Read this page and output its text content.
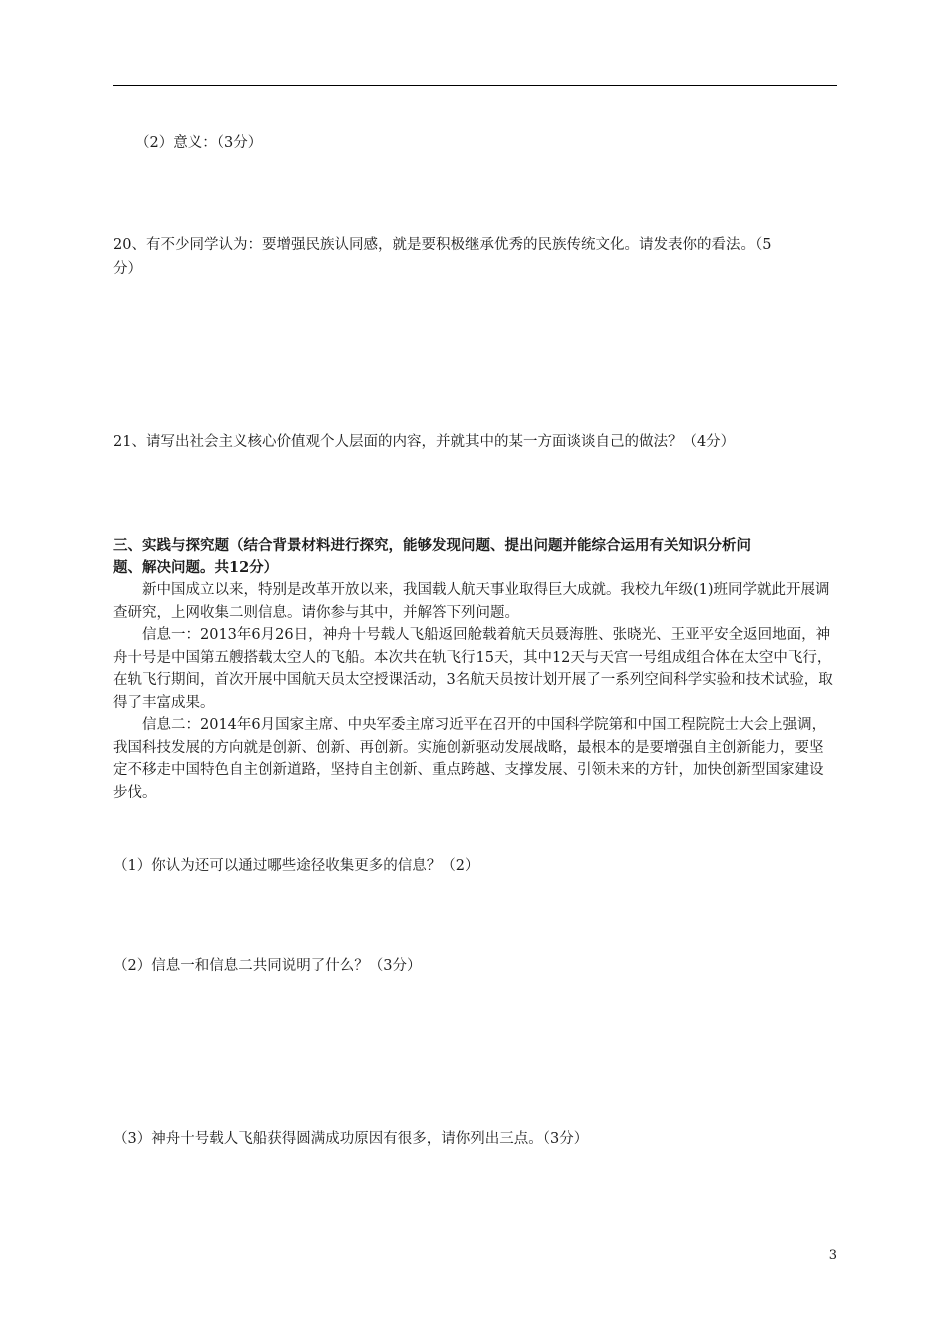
（2）意义：（3分）
20、有不少同学认为：要增强民族认同感，就是要积极继承优秀的民族传统文化。请发表你的看法。（5
分）
21、请写出社会主义核心价值观个人层面的内容，并就其中的某一方面谈谈自己的做法？（4分）
三、实践与探究题（结合背景材料进行探究，能够发现问题、提出问题并能综合运用有关知识分析问
题、解决问题。共12分）

新中国成立以来，特别是改革开放以来，我国载人航天事业取得巨大成就。我校九年级(1)班同学就此开展调查研究，上网收集二则信息。请你参与其中，并解答下列问题。

信息一：2013年6月26日，神舟十号载人飞船返回舱载着航天员聂海胜、张晓光、王亚平安全返回地面，神舟十号是中国第五艘搭载太空人的飞船。本次共在轨飞行15天，其中12天与天宫一号组成组合体在太空中飞行，在轨飞行期间，首次开展中国航天员太空授课活动，3名航天员按计划开展了一系列空间科学实验和技术试验，取得了丰富成果。

信息二：2014年6月国家主席、中央军委主席习近平在召开的中国科学院第和中国工程院院士大会上强调，我国科技发展的方向就是创新、创新、再创新。实施创新驱动发展战略，最根本的是要增强自主创新能力，要坚定不移走中国特色自主创新道路，坚持自主创新、重点跨越、支撑发展、引领未来的方针，加快创新型国家建设步伐。

（1）你认为还可以通过哪些途径收集更多的信息？（2）
（2）信息一和信息二共同说明了什么？（3分）
（3）神舟十号载人飞船获得圆满成功原因有很多，请你列出三点。（3分）
3
